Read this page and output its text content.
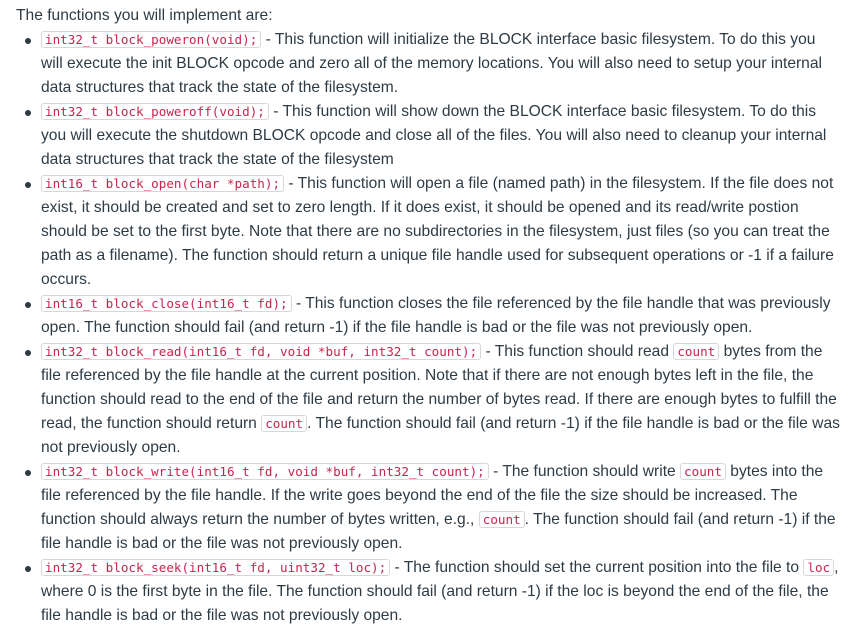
The functions you will implement are:

int32_t block_poweron(void); - This function will initialize the BLOCK interface basic filesystem. To do this you will execute the init BLOCK opcode and zero all of the memory locations. You will also need to setup your internal data structures that track the state of the filesystem.
int32_t block_poweroff(void); - This function will show down the BLOCK interface basic filesystem. To do this you will execute the shutdown BLOCK opcode and close all of the files. You will also need to cleanup your internal data structures that track the state of the filesystem
int16_t block_open(char *path); - This function will open a file (named path) in the filesystem. If the file does not exist, it should be created and set to zero length. If it does exist, it should be opened and its read/write postion should be set to the first byte. Note that there are no subdirectories in the filesystem, just files (so you can treat the path as a filename). The function should return a unique file handle used for subsequent operations or -1 if a failure occurs.
int16_t block_close(int16_t fd); - This function closes the file referenced by the file handle that was previously open. The function should fail (and return -1) if the file handle is bad or the file was not previously open.
int32_t block_read(int16_t fd, void *buf, int32_t count); - This function should read count bytes from the file referenced by the file handle at the current position. Note that if there are not enough bytes left in the file, the function should read to the end of the file and return the number of bytes read. If there are enough bytes to fulfill the read, the function should return count . The function should fail (and return -1) if the file handle is bad or the file was not previously open.
int32_t block_write(int16_t fd, void *buf, int32_t count); - The function should write count bytes into the file referenced by the file handle. If the write goes beyond the end of the file the size should be increased. The function should always return the number of bytes written, e.g., count . The function should fail (and return -1) if the file handle is bad or the file was not previously open.
int32_t block_seek(int16_t fd, uint32_t loc); - The function should set the current position into the file to loc , where 0 is the first byte in the file. The function should fail (and return -1) if the loc is beyond the end of the file, the file handle is bad or the file was not previously open.
